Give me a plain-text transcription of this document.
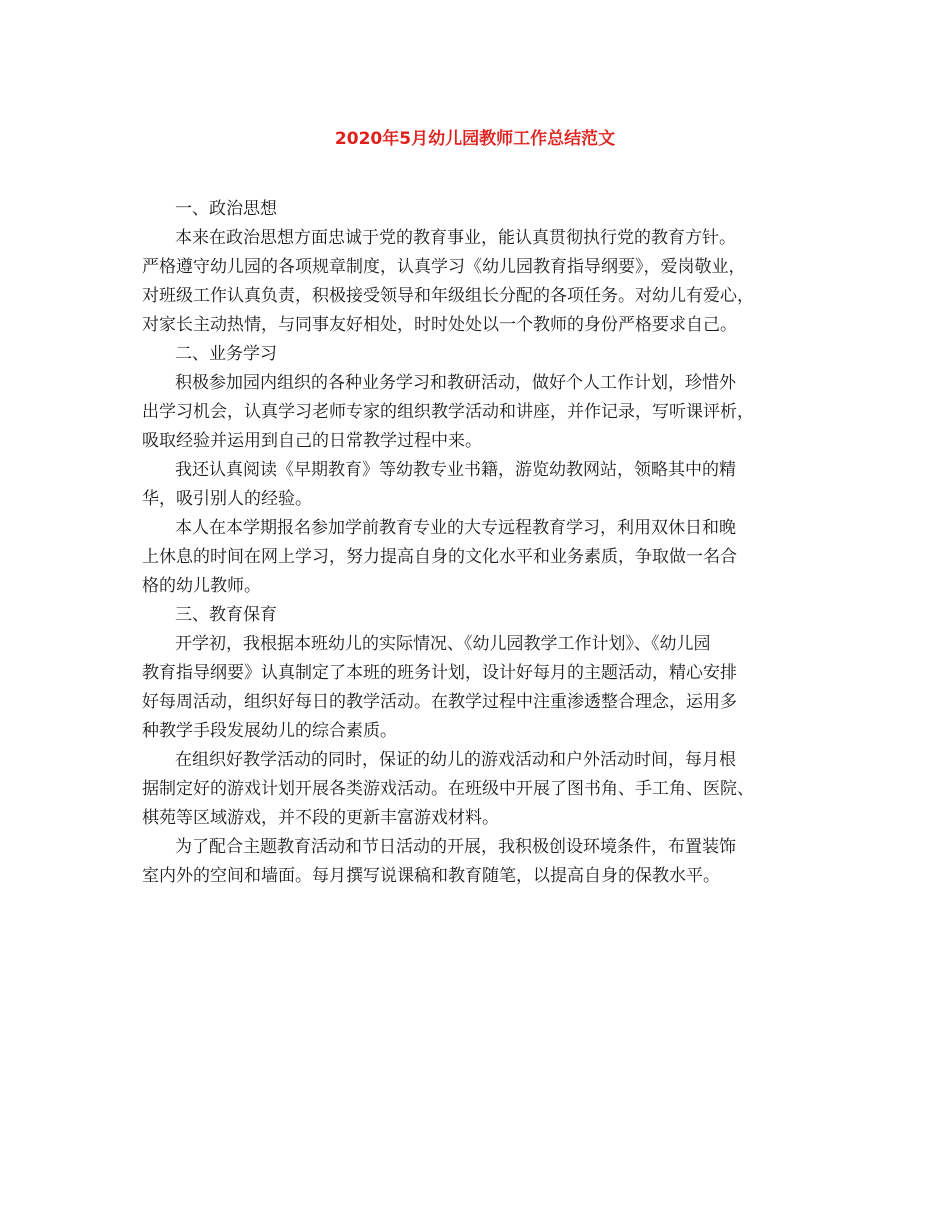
2020年5月幼儿园教师工作总结范文
一、政治思想
本来在政治思想方面忠诚于党的教育事业，能认真贯彻执行党的教育方针。
严格遵守幼儿园的各项规章制度，认真学习《幼儿园教育指导纲要》，爱岗敬业，
对班级工作认真负责，积极接受领导和年级组长分配的各项任务。对幼儿有爱心，
对家长主动热情，与同事友好相处，时时处处以一个教师的身份严格要求自己。
二、业务学习
积极参加园内组织的各种业务学习和教研活动，做好个人工作计划，珍惜外
出学习机会，认真学习老师专家的组织教学活动和讲座，并作记录，写听课评析，
吸取经验并运用到自己的日常教学过程中来。
我还认真阅读《早期教育》等幼教专业书籍，游览幼教网站，领略其中的精
华，吸引别人的经验。
本人在本学期报名参加学前教育专业的大专远程教育学习，利用双休日和晚
上休息的时间在网上学习，努力提高自身的文化水平和业务素质，争取做一名合
格的幼儿教师。
三、教育保育
开学初，我根据本班幼儿的实际情况、《幼儿园教学工作计划》、《幼儿园
教育指导纲要》认真制定了本班的班务计划，设计好每月的主题活动，精心安排
好每周活动，组织好每日的教学活动。在教学过程中注重渗透整合理念，运用多
种教学手段发展幼儿的综合素质。
在组织好教学活动的同时，保证的幼儿的游戏活动和户外活动时间，每月根
据制定好的游戏计划开展各类游戏活动。在班级中开展了图书角、手工角、医院、
棋苑等区域游戏，并不段的更新丰富游戏材料。
为了配合主题教育活动和节日活动的开展，我积极创设环境条件，布置装饰
室内外的空间和墙面。每月撰写说课稿和教育随笔，以提高自身的保教水平。
